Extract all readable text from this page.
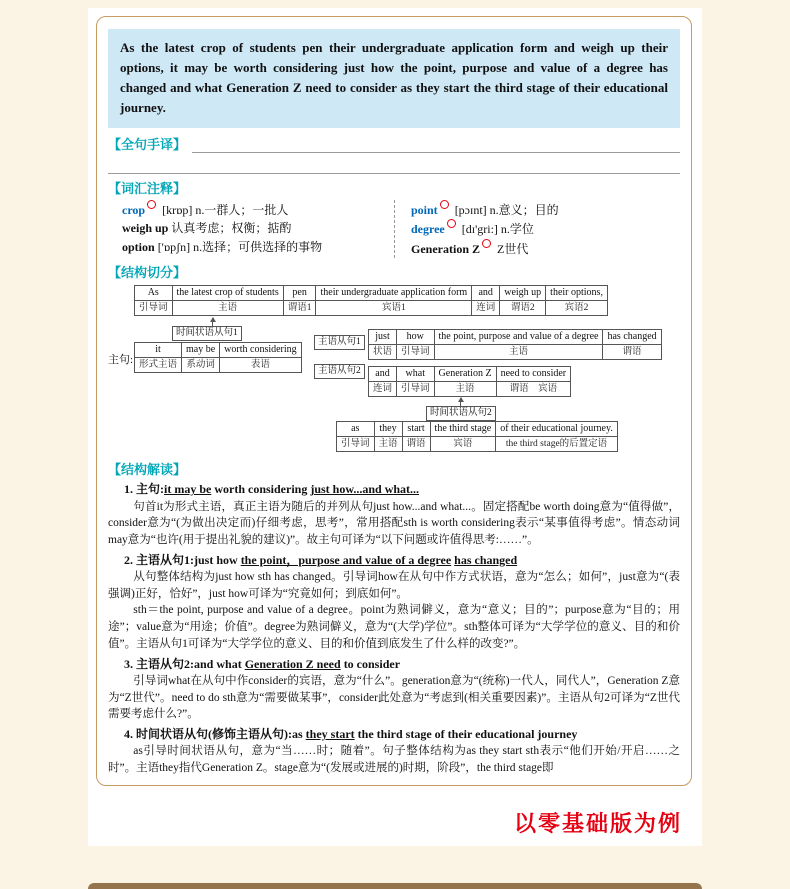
As the latest crop of students pen their undergraduate application form and weigh up their options, it may be worth considering just how the point, purpose and value of a degree has changed and what Generation Z need to consider as they start the third stage of their educational journey.

【全句手译】
【词汇注释】
crop [krɒp] n.一群人；一批人
weigh up 认真考虑；权衡；掂酌
option ['ɒpʃn] n.选择；可供选择的事物
point [pɔɪnt] n.意义；目的
degree [dɪ'gri:] n.学位
Generation Z Z世代
【结构切分】
As	the latest crop of students	pen	their undergraduate application form	and	weigh up	their options,
引导词	主语	谓语1	宾语1	连词	谓语2	宾语2
时间状语从句1
主句:
it	may be	worth considering
形式主语	系动词	表语
主语从句1
主语从句2
just	how	the point, purpose and value of a degree	has changed
状语	引导词	主语	谓语
and	what	Generation Z	need to consider
连词	引导词	主语	谓语　宾语
时间状语从句2
as	they	start	the third stage	of their educational journey.
引导词	主语	谓语	宾语	the third stage的后置定语
【结构解读】

1. 主句:it may be worth considering just how...and what...

句首it为形式主语，真正主语为随后的并列从句just how...and what...。固定搭配be worth doing意为“值得做”，consider意为“(为做出决定而)仔细考虑，思考”，常用搭配sth is worth considering表示“某事值得考虑”。情态动词may意为“也许(用于提出礼貌的建议)”。故主句可译为“以下问题或许值得思考:……”。

2. 主语从句1:just how the point，purpose and value of a degree has changed

从句整体结构为just how sth has changed。引导词how在从句中作方式状语，意为“怎么；如何”，just意为“(表强调)正好，恰好”，just how可译为“究竟如何；到底如何”。

sth＝the point, purpose and value of a degree。point为熟词僻义，意为“意义；目的”；purpose意为“目的；用途”；value意为“用途；价值”。degree为熟词僻义，意为“(大学)学位”。sth整体可译为“大学学位的意义、目的和价值”。主语从句1可译为“大学学位的意义、目的和价值到底发生了什么样的改变?”。

3. 主语从句2:and what Generation Z need to consider

引导词what在从句中作consider的宾语，意为“什么”。generation意为“(统称)一代人，同代人”，Generation Z意为“Z世代”。need to do sth意为“需要做某事”，consider此处意为“考虑到(相关重要因素)”。主语从句2可译为“Z世代需要考虑什么?”。

4. 时间状语从句(修饰主语从句):as they start the third stage of their educational journey

as引导时间状语从句，意为“当……时；随着”。句子整体结构为as they start sth表示“他们开始/开启……之时”。主语they指代Generation Z。stage意为“(发展或进展的)时期，阶段”，the third stage即

以零基础版为例
